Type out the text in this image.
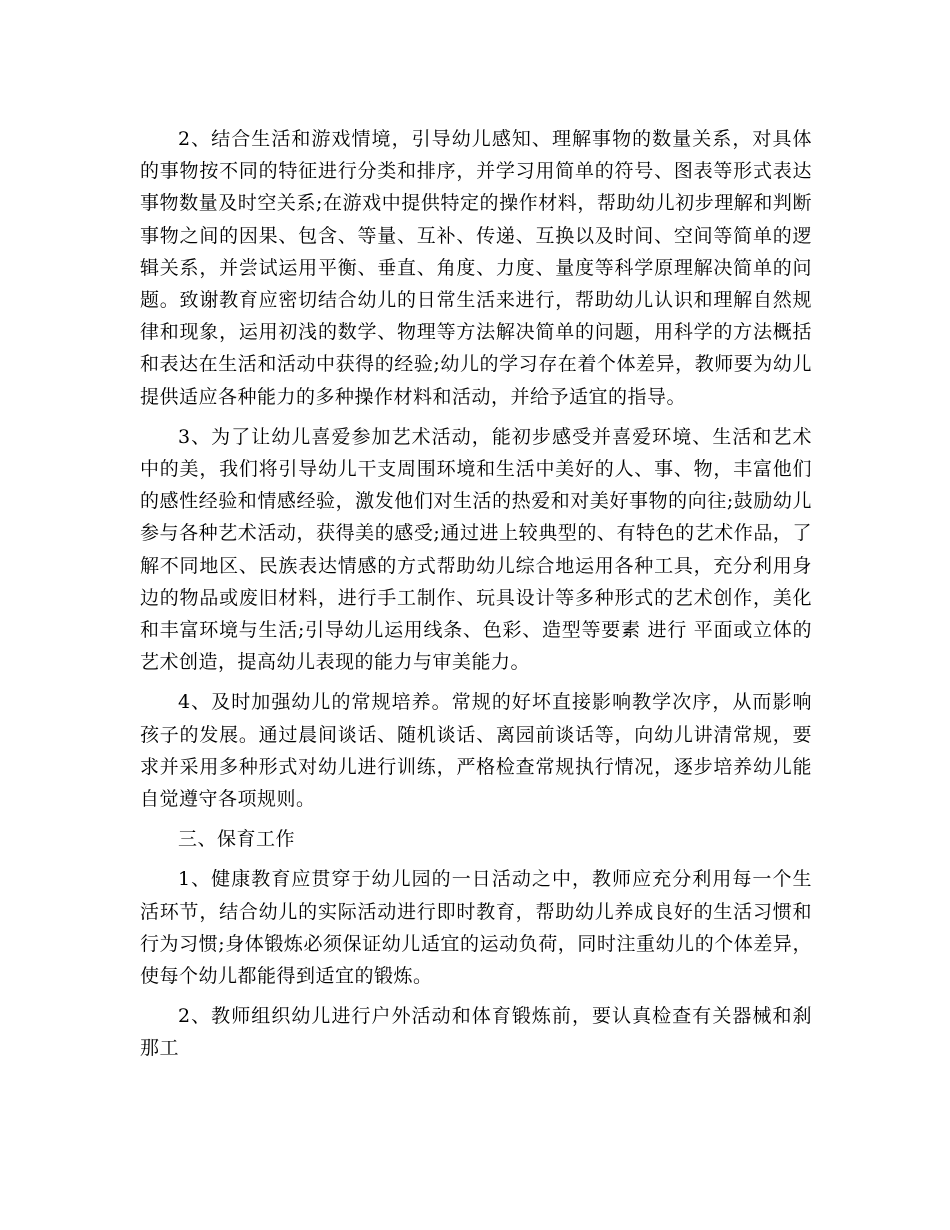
2、结合生活和游戏情境，引导幼儿感知、理解事物的数量关系，对具体的事物按不同的特征进行分类和排序，并学习用简单的符号、图表等形式表达事物数量及时空关系;在游戏中提供特定的操作材料，帮助幼儿初步理解和判断事物之间的因果、包含、等量、互补、传递、互换以及时间、空间等简单的逻辑关系，并尝试运用平衡、垂直、角度、力度、量度等科学原理解决简单的问题。致谢教育应密切结合幼儿的日常生活来进行，帮助幼儿认识和理解自然规律和现象，运用初浅的数学、物理等方法解决简单的问题，用科学的方法概括和表达在生活和活动中获得的经验;幼儿的学习存在着个体差异，教师要为幼儿提供适应各种能力的多种操作材料和活动，并给予适宜的指导。

3、为了让幼儿喜爱参加艺术活动，能初步感受并喜爱环境、生活和艺术中的美，我们将引导幼儿干支周围环境和生活中美好的人、事、物，丰富他们的感性经验和情感经验，激发他们对生活的热爱和对美好事物的向往;鼓励幼儿参与各种艺术活动，获得美的感受;通过进上较典型的、有特色的艺术作品，了解不同地区、民族表达情感的方式帮助幼儿综合地运用各种工具，充分利用身边的物品或废旧材料，进行手工制作、玩具设计等多种形式的艺术创作，美化和丰富环境与生活;引导幼儿运用线条、色彩、造型等要素 进行 平面或立体的艺术创造，提高幼儿表现的能力与审美能力。

4、及时加强幼儿的常规培养。常规的好坏直接影响教学次序，从而影响孩子的发展。通过晨间谈话、随机谈话、离园前谈话等，向幼儿讲清常规，要求并采用多种形式对幼儿进行训练，严格检查常规执行情况，逐步培养幼儿能自觉遵守各项规则。

三、保育工作

1、健康教育应贯穿于幼儿园的一日活动之中，教师应充分利用每一个生活环节，结合幼儿的实际活动进行即时教育，帮助幼儿养成良好的生活习惯和行为习惯;身体锻炼必须保证幼儿适宜的运动负荷，同时注重幼儿的个体差异，使每个幼儿都能得到适宜的锻炼。

2、教师组织幼儿进行户外活动和体育锻炼前，要认真检查有关器械和刹那工
